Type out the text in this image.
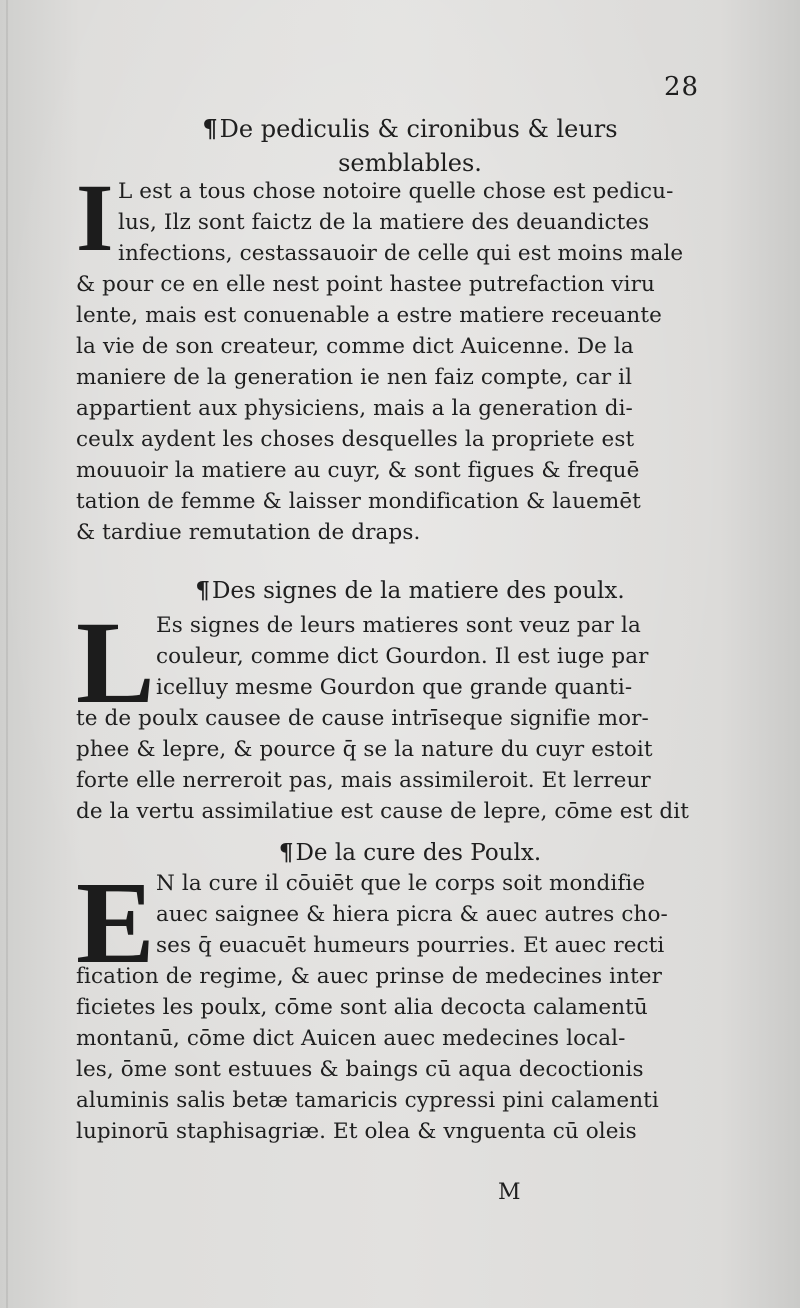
28
¶De pediculis & cironibus & leurs
semblables.
I L est a tous chose notoire quelle chose est pedicu-
lus, Ilz sont faictz de la matiere des deuandictes
infections, cestassauoir de celle qui est moins male
& pour ce en elle nest point hastee putrefaction viru
lente, mais est conuenable a estre matiere receuante
la vie de son createur, comme dict Auicenne. De la
maniere de la generation ie nen faiz compte, car il
appartient aux physiciens, mais a la generation di-
ceulx aydent les choses desquelles la propriete est
mouuoir la matiere au cuyr, & sont figues & frequē
tation de femme & laisser mondification & lauemēt
& tardiue remutation de draps.
¶Des signes de la matiere des poulx.
L Es signes de leurs matieres sont veuz par la
couleur, comme dict Gourdon. Il est iuge par
icelluy mesme Gourdon que grande quanti-
te de poulx causee de cause intrīseque signifie mor-
phee & lepre, & pource q̄ se la nature du cuyr estoit
forte elle nerreroit pas, mais assimileroit. Et lerreur
de la vertu assimilatiue est cause de lepre, cōme est dit
¶De la cure des Poulx.
E N la cure il cōuiēt que le corps soit mondifie
auec saignee & hiera picra & auec autres cho-
ses q̄ euacuēt humeurs pourries. Et auec recti
fication de regime, & auec prinse de medecines inter
ficietes les poulx, cōme sont alia decocta calamentū
montanū, cōme dict Auicen auec medecines local-
les, ōme sont estuues & baings cū aqua decoctionis
aluminis salis betæ tamaricis cypressi pini calamenti
lupinorū staphisagriæ. Et olea & vnguenta cū oleis
M
